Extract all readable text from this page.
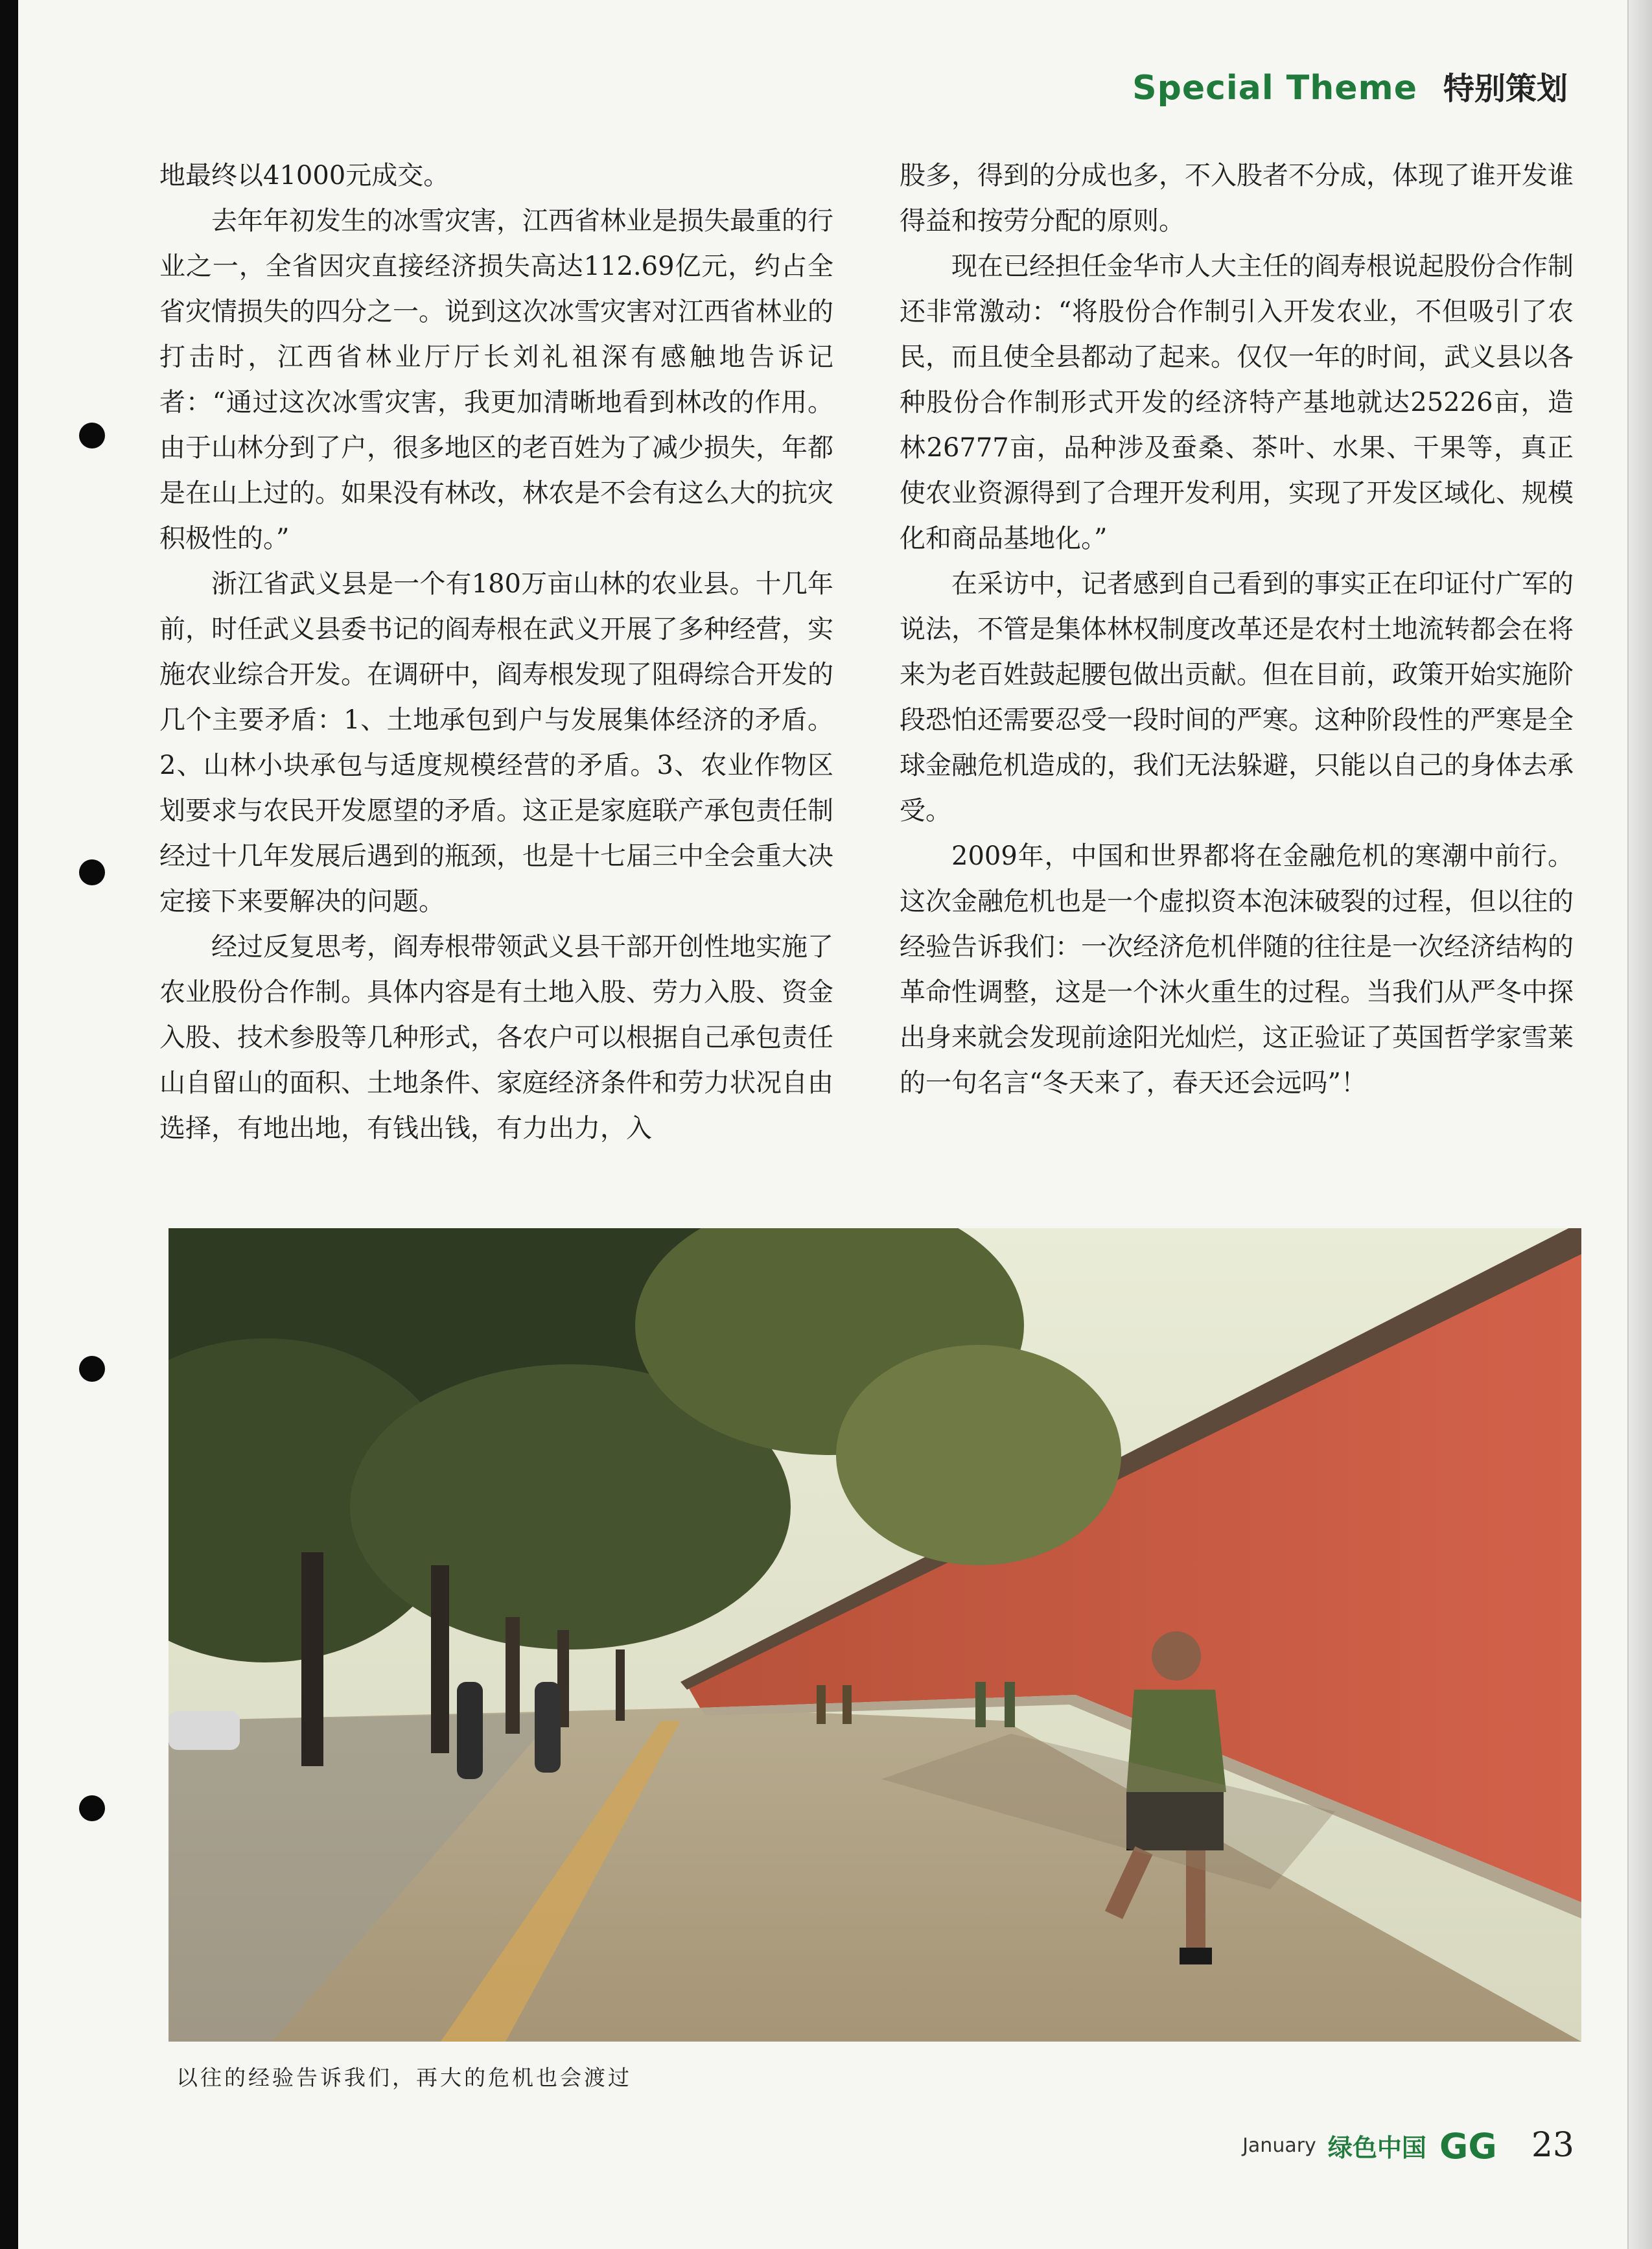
Special Theme 特别策划

地最终以41000元成交。

去年年初发生的冰雪灾害，江西省林业是损失最重的行业之一，全省因灾直接经济损失高达112.69亿元，约占全省灾情损失的四分之一。说到这次冰雪灾害对江西省林业的打击时，江西省林业厅厅长刘礼祖深有感触地告诉记者：“通过这次冰雪灾害，我更加清晰地看到林改的作用。由于山林分到了户，很多地区的老百姓为了减少损失，年都是在山上过的。如果没有林改，林农是不会有这么大的抗灾积极性的。”

浙江省武义县是一个有180万亩山林的农业县。十几年前，时任武义县委书记的阎寿根在武义开展了多种经营，实施农业综合开发。在调研中，阎寿根发现了阻碍综合开发的几个主要矛盾：1、土地承包到户与发展集体经济的矛盾。2、山林小块承包与适度规模经营的矛盾。3、农业作物区划要求与农民开发愿望的矛盾。这正是家庭联产承包责任制经过十几年发展后遇到的瓶颈，也是十七届三中全会重大决定接下来要解决的问题。

经过反复思考，阎寿根带领武义县干部开创性地实施了农业股份合作制。具体内容是有土地入股、劳力入股、资金入股、技术参股等几种形式，各农户可以根据自己承包责任山自留山的面积、土地条件、家庭经济条件和劳力状况自由选择，有地出地，有钱出钱，有力出力，入

股多，得到的分成也多，不入股者不分成，体现了谁开发谁得益和按劳分配的原则。

现在已经担任金华市人大主任的阎寿根说起股份合作制还非常激动：“将股份合作制引入开发农业，不但吸引了农民，而且使全县都动了起来。仅仅一年的时间，武义县以各种股份合作制形式开发的经济特产基地就达25226亩，造林26777亩，品种涉及蚕桑、茶叶、水果、干果等，真正使农业资源得到了合理开发利用，实现了开发区域化、规模化和商品基地化。”

在采访中，记者感到自己看到的事实正在印证付广军的说法，不管是集体林权制度改革还是农村土地流转都会在将来为老百姓鼓起腰包做出贡献。但在目前，政策开始实施阶段恐怕还需要忍受一段时间的严寒。这种阶段性的严寒是全球金融危机造成的，我们无法躲避，只能以自己的身体去承受。

2009年，中国和世界都将在金融危机的寒潮中前行。这次金融危机也是一个虚拟资本泡沫破裂的过程，但以往的经验告诉我们：一次经济危机伴随的往往是一次经济结构的革命性调整，这是一个沐火重生的过程。当我们从严冬中探出身来就会发现前途阳光灿烂，这正验证了英国哲学家雪莱的一句名言“冬天来了，春天还会远吗”！

以往的经验告诉我们，再大的危机也会渡过
January 绿色中国 GG 23
